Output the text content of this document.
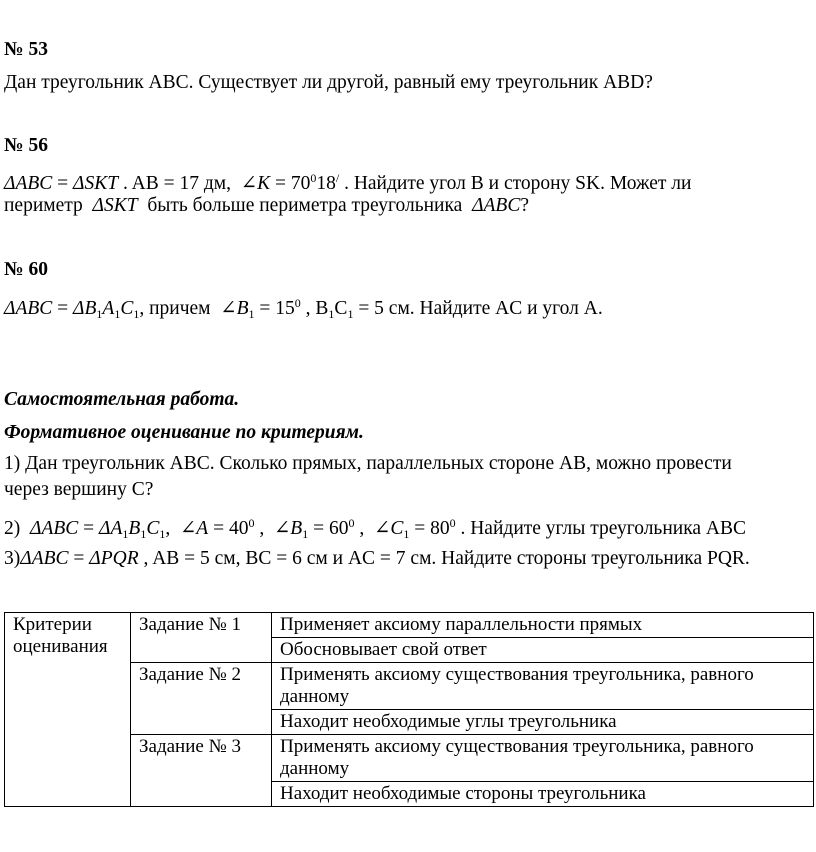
№ 53
Дан треугольник АВС. Существует ли другой, равный ему треугольник ABD?
№ 56
ΔABC = ΔSKT . AB = 17 дм, ∠K = $70^018^/$ . Найдите угол В и сторону SK. Может ли
периметр ΔSKT быть больше периметра треугольника ΔABC?
№ 60
$\Delta ABC = \Delta B_1A_1C_1$, причем $\angle B_1 = 15^0$ , $B_1C_1 = 5$ см. Найдите AC и угол A.
Самостоятельная работа.
Формативное оценивание по критериям.
1) Дан треугольник АВС. Сколько прямых, параллельных стороне АВ, можно провести
через вершину С?
2) $\Delta ABC = \Delta A_1B_1C_1$, ∠A = $40^0$ , $\angle B_1 = 60^0$ , $\angle C_1 = 80^0$ . Найдите углы треугольника АВС
3)ΔABC = ΔPQR , AB = 5 см, BC = 6 см и AC = 7 см. Найдите стороны треугольника PQR.
Критерии оценивания	Задание № 1	Применяет аксиому параллельности прямых
		Обосновывает свой ответ
	Задание № 2	Применять аксиому существования треугольника, равного данному
		Находит необходимые углы треугольника
	Задание № 3	Применять аксиому существования треугольника, равного данному
		Находит необходимые стороны треугольника
